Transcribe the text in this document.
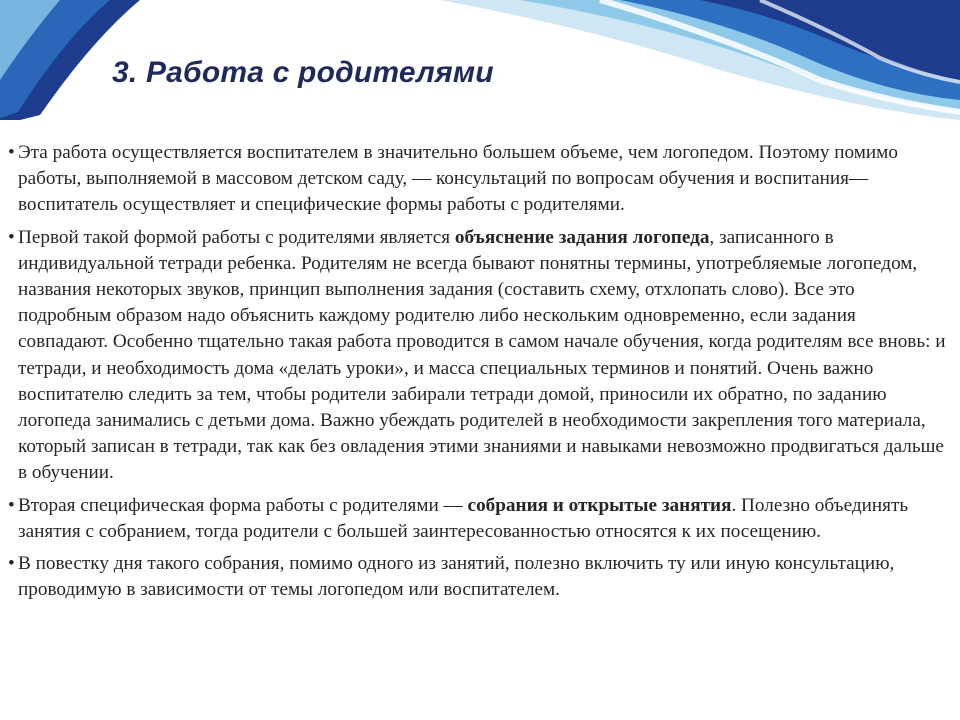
3. Работа с родителями
• Эта работа осуществляется воспитателем в значительно большем объеме, чем логопедом. Поэтому помимо работы, выполняемой в массовом детском саду, — консультаций по вопросам обучения и воспитания— воспитатель осуществляет и специфические формы работы с родителями.
• Первой такой формой работы с родителями является объяснение задания логопеда, записанного в индивидуальной тетради ребенка. Родителям не всегда бывают понятны термины, употребляемые логопедом, названия некоторых звуков, принцип выполнения задания (составить схему, отхлопать слово). Все это подробным образом надо объяснить каждому родителю либо нескольким одновременно, если задания совпадают. Особенно тщательно такая работа проводится в самом начале обучения, когда родителям все вновь: и тетради, и необходимость дома «делать уроки», и масса специальных терминов и понятий. Очень важно воспитателю следить за тем, чтобы родители забирали тетради домой, приносили их обратно, по заданию логопеда занимались с детьми дома. Важно убеждать родителей в необходимости закрепления того материала, который записан в тетради, так как без овладения этими знаниями и навыками невозможно продвигаться дальше в обучении.
• Вторая специфическая форма работы с родителями — собрания и открытые занятия. Полезно объединять занятия с собранием, тогда родители с большей заинтересованностью относятся к их посещению.
• В повестку дня такого собрания, помимо одного из занятий, полезно включить ту или иную консультацию, проводимую в зависимости от темы логопедом или воспитателем.
